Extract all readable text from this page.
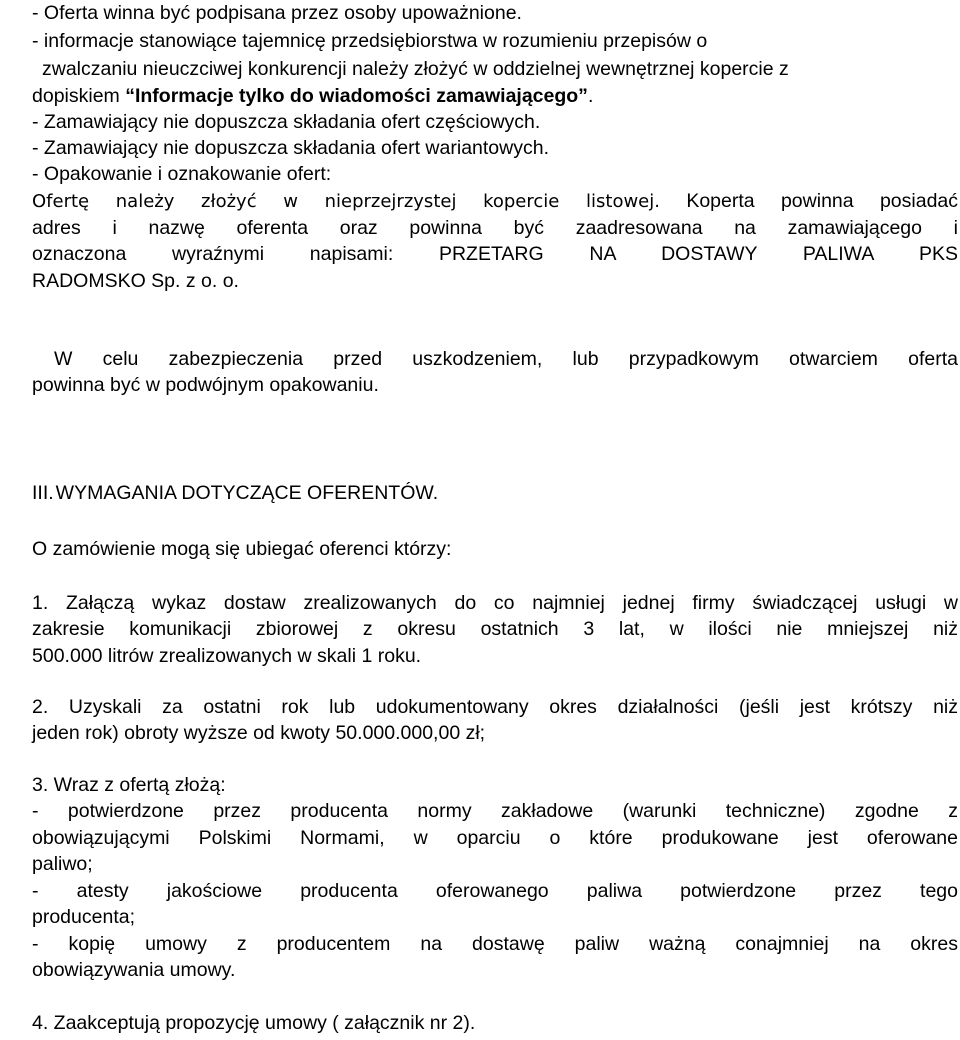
- Oferta winna być podpisana przez osoby upoważnione.
- informacje stanowiące tajemnicę przedsiębiorstwa w rozumieniu przepisów o
zwalczaniu nieuczciwej konkurencji należy złożyć w oddzielnej wewnętrznej kopercie z
dopiskiem “Informacje tylko do wiadomości zamawiającego”.
- Zamawiający nie dopuszcza składania ofert częściowych.
- Zamawiający nie dopuszcza składania ofert wariantowych.
- Opakowanie i oznakowanie ofert:
Ofertę należy złożyć w nieprzejrzystej kopercie listowej. Koperta powinna posiadać
adres i nazwę oferenta oraz powinna być zaadresowana na zamawiającego i
oznaczona wyraźnymi napisami: PRZETARG NA DOSTAWY PALIWA PKS
RADOMSKO Sp. z o. o.
W celu zabezpieczenia przed uszkodzeniem, lub przypadkowym otwarciem oferta
powinna być w podwójnym opakowaniu.
III. WYMAGANIA DOTYCZĄCE OFERENTÓW.
O zamówienie mogą się ubiegać oferenci którzy:
1. Załączą wykaz dostaw zrealizowanych do co najmniej jednej firmy świadczącej usługi w
zakresie komunikacji zbiorowej z okresu ostatnich 3 lat, w ilości nie mniejszej niż
500.000 litrów zrealizowanych w skali 1 roku.
2. Uzyskali za ostatni rok lub udokumentowany okres działalności (jeśli jest krótszy niż
jeden rok) obroty wyższe od kwoty 50.000.000,00 zł;
3. Wraz z ofertą złożą:
- potwierdzone przez producenta normy zakładowe (warunki techniczne) zgodne z
obowiązującymi Polskimi Normami, w oparciu o które produkowane jest oferowane
paliwo;
- atesty jakościowe producenta oferowanego paliwa potwierdzone przez tego
producenta;
- kopię umowy z producentem na dostawę paliw ważną conajmniej na okres
obowiązywania umowy.
4. Zaakceptują propozycję umowy ( załącznik nr 2).
